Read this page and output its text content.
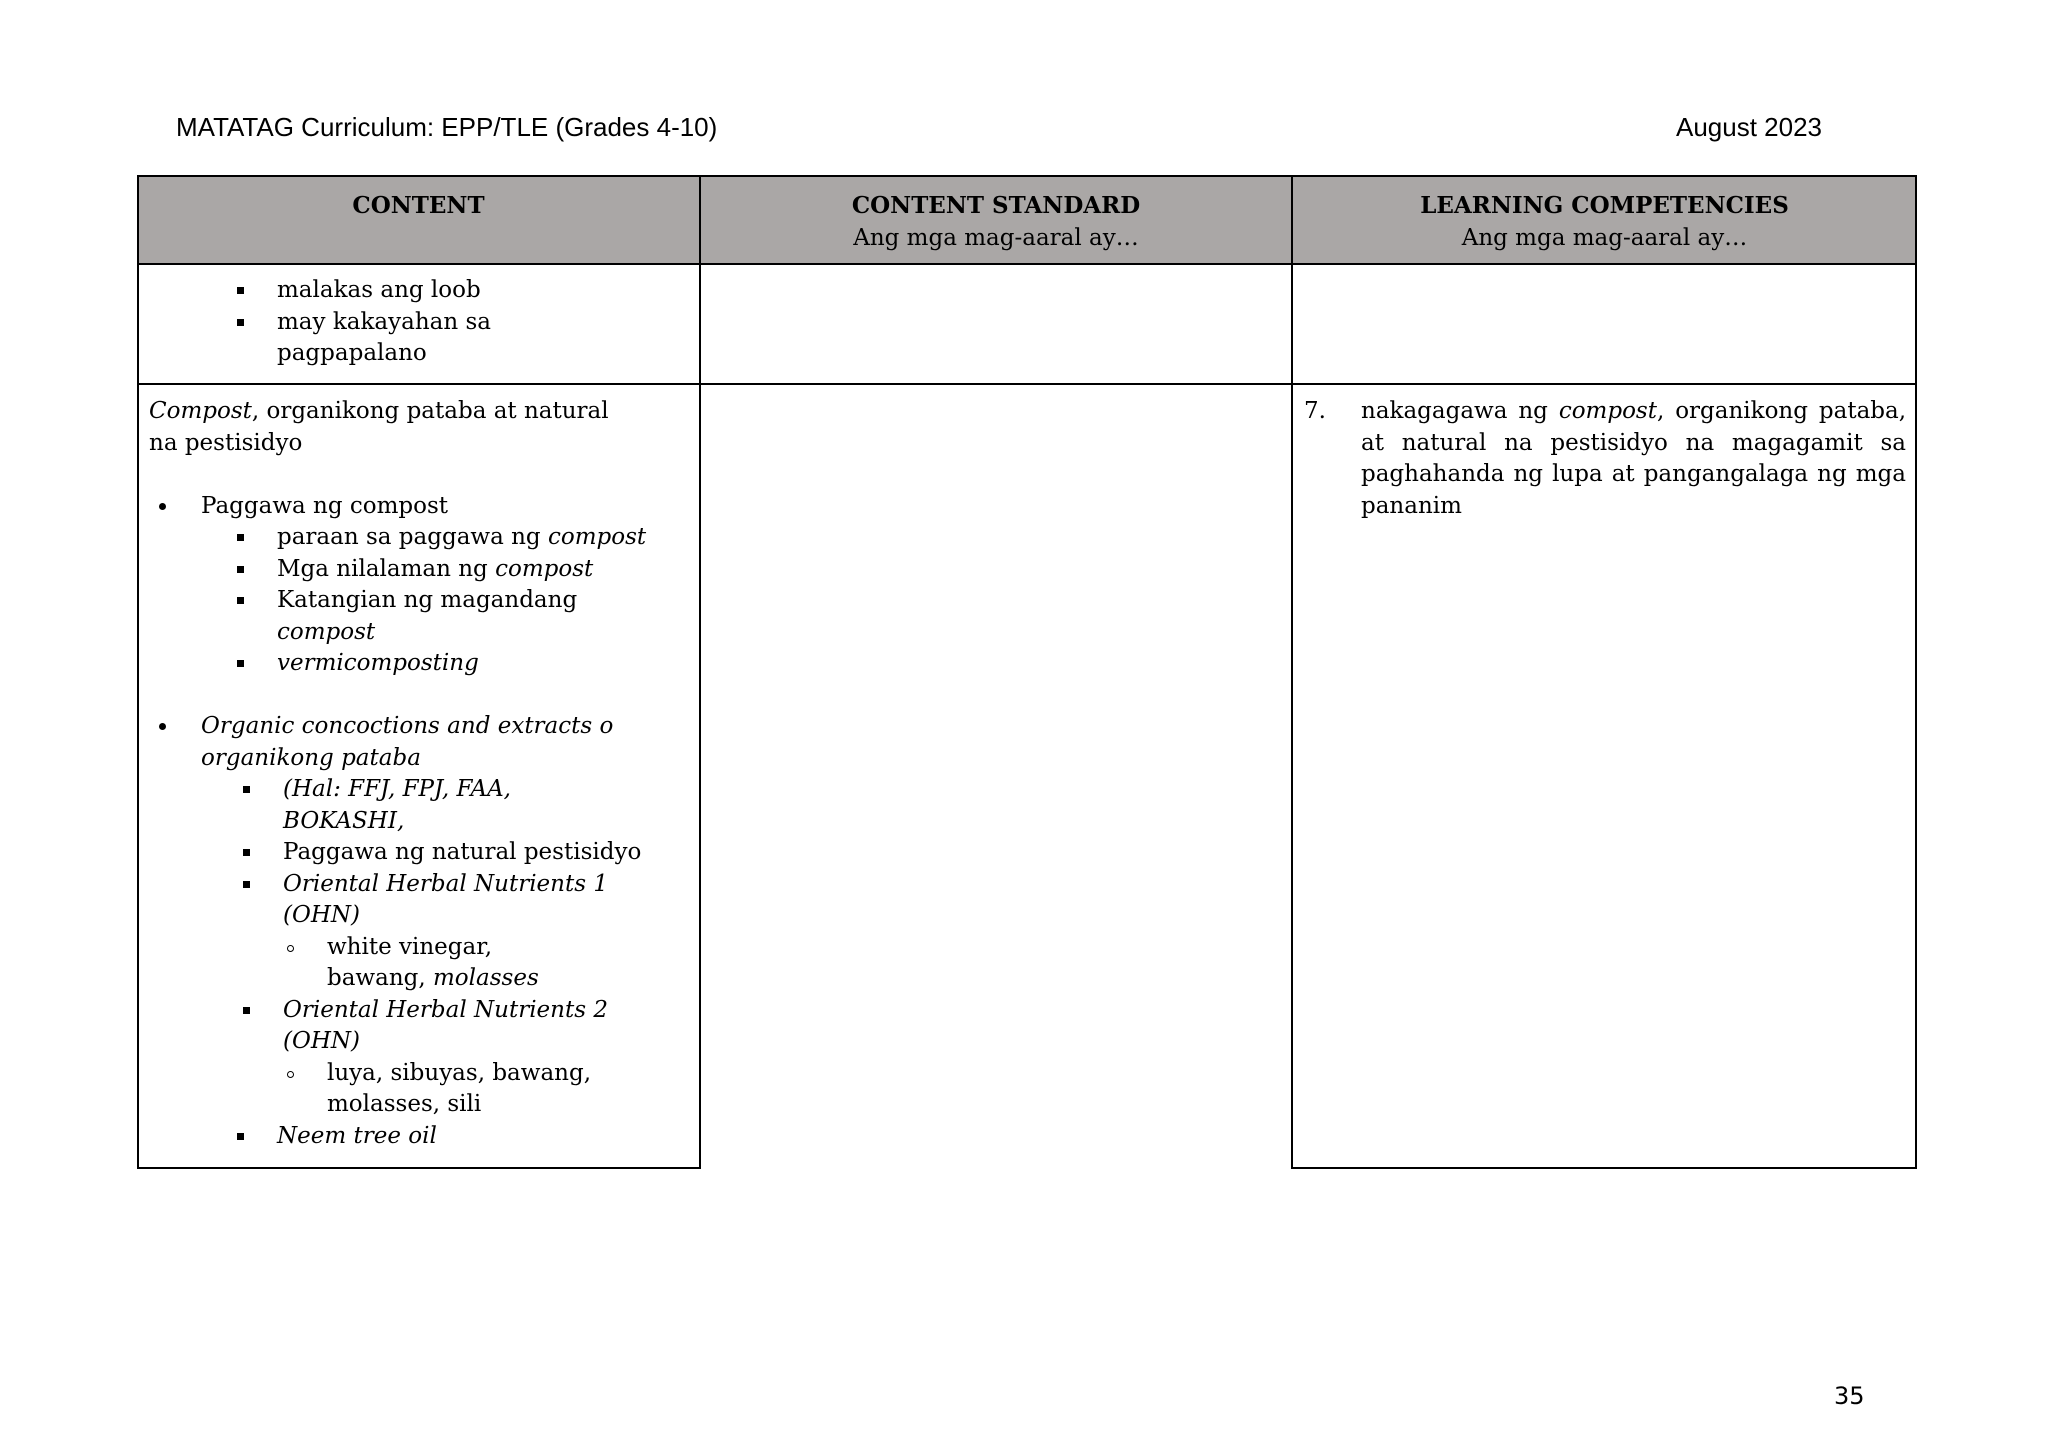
MATATAG Curriculum: EPP/TLE (Grades 4-10)	August 2023
CONTENT	CONTENT STANDARD
Ang mga mag-aaral ay…
LEARNING COMPETENCIES
Ang mga mag-aaral ay…
malakas ang loob
may kakayahan sa
pagpapalano
Compost, organikong pataba at natural
na pestisidyo
Paggawa ng compost
paraan sa paggawa ng compost
Mga nilalaman ng compost
Katangian ng magandang
compost
vermicomposting
Organic concoctions and extracts o
organikong pataba
(Hal: FFJ, FPJ, FAA,
BOKASHI,
Paggawa ng natural pestisidyo
Oriental Herbal Nutrients 1
(OHN)
white vinegar,
bawang, molasses
Oriental Herbal Nutrients 2
(OHN)
luya, sibuyas, bawang,
molasses, sili
Neem tree oil
7. nakagagawa ng compost, organikong pataba, at natural na pestisidyo na magagamit sa paghahanda ng lupa at pangangalaga ng mga pananim
35
